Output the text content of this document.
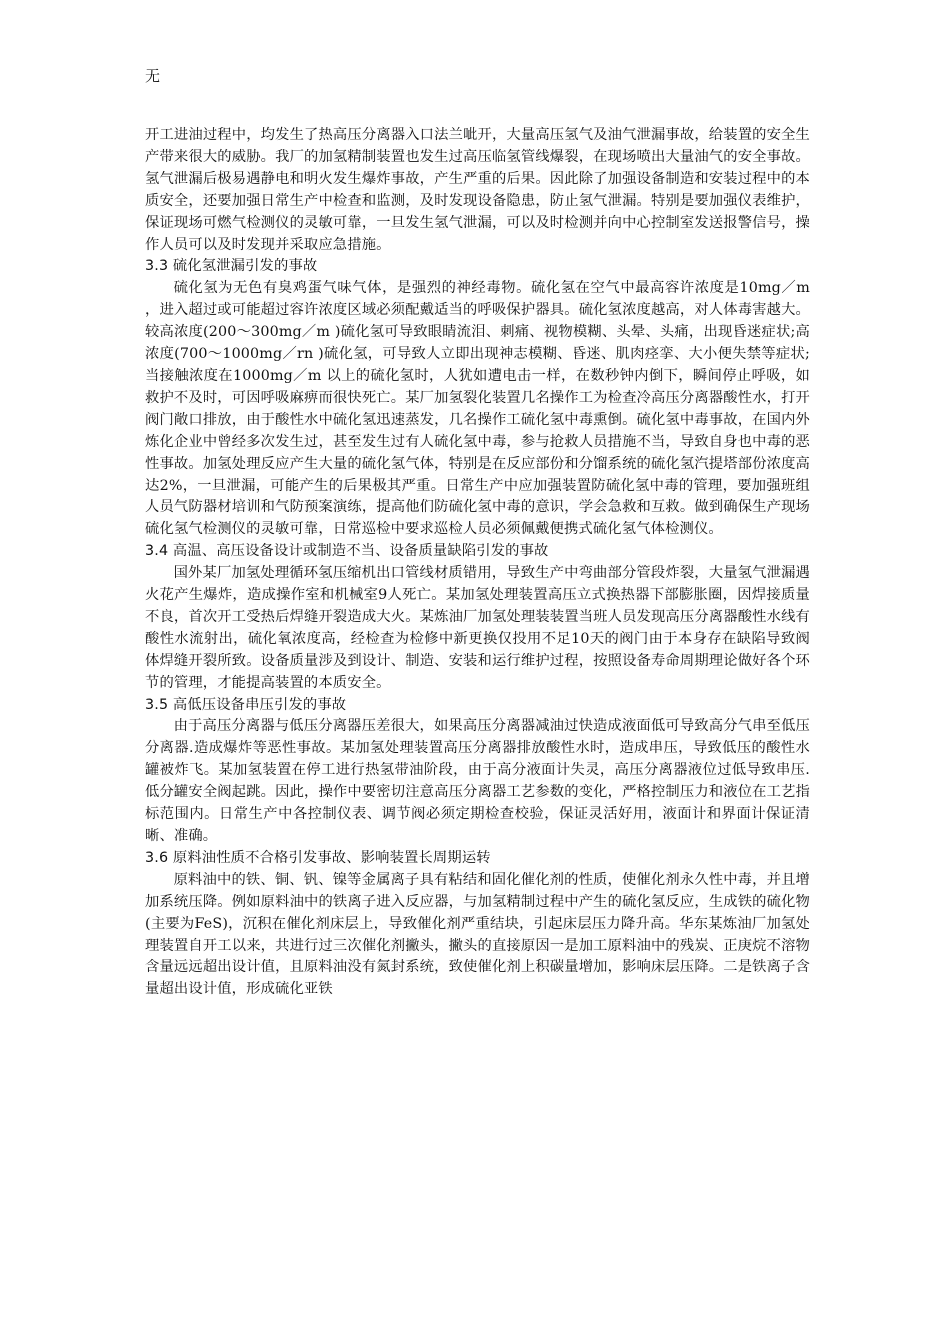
无

开工进油过程中，均发生了热高压分离器入口法兰呲开，大量高压氢气及油气泄漏事故，给装置的安全生产带来很大的威胁。我厂的加氢精制装置也发生过高压临氢管线爆裂，在现场喷出大量油气的安全事故。氢气泄漏后极易遇静电和明火发生爆炸事故，产生严重的后果。因此除了加强设备制造和安装过程中的本质安全，还要加强日常生产中检查和监测，及时发现设备隐患，防止氢气泄漏。特别是要加强仪表维护，保证现场可燃气检测仪的灵敏可靠，一旦发生氢气泄漏，可以及时检测并向中心控制室发送报警信号，操作人员可以及时发现并采取应急措施。

3.3 硫化氢泄漏引发的事故

硫化氢为无色有臭鸡蛋气味气体，是强烈的神经毒物。硫化氢在空气中最高容许浓度是10mg／m ，进入超过或可能超过容许浓度区域必须配戴适当的呼吸保护器具。硫化氢浓度越高，对人体毒害越大。较高浓度(200～300mg／m )硫化氢可导致眼睛流泪、刺痛、视物模糊、头晕、头痛，出现昏迷症状;高浓度(700～1000mg／rn )硫化氢，可导致人立即出现神志模糊、昏迷、肌肉痉挛、大小便失禁等症状;当接触浓度在1000mg／m 以上的硫化氢时，人犹如遭电击一样，在数秒钟内倒下，瞬间停止呼吸，如救护不及时，可因呼吸麻痹而很快死亡。某厂加氢裂化装置几名操作工为检查冷高压分离器酸性水，打开阀门敞口排放，由于酸性水中硫化氢迅速蒸发，几名操作工硫化氢中毒熏倒。硫化氢中毒事故，在国内外炼化企业中曾经多次发生过，甚至发生过有人硫化氢中毒，参与抢救人员措施不当，导致自身也中毒的恶性事故。加氢处理反应产生大量的硫化氢气体，特别是在反应部份和分馏系统的硫化氢汽提塔部份浓度高达2%，一旦泄漏，可能产生的后果极其严重。日常生产中应加强装置防硫化氢中毒的管理，要加强班组人员气防器材培训和气防预案演练，提高他们防硫化氢中毒的意识，学会急救和互救。做到确保生产现场硫化氢气检测仪的灵敏可靠，日常巡检中要求巡检人员必须佩戴便携式硫化氢气体检测仪。

3.4 高温、高压设备设计或制造不当、设备质量缺陷引发的事故

国外某厂加氢处理循环氢压缩机出口管线材质错用，导致生产中弯曲部分管段炸裂，大量氢气泄漏遇火花产生爆炸，造成操作室和机械室9人死亡。某加氢处理装置高压立式换热器下部膨胀圈，因焊接质量不良，首次开工受热后焊缝开裂造成大火。某炼油厂加氢处理装装置当班人员发现高压分离器酸性水线有酸性水流射出，硫化氧浓度高，经检查为检修中新更换仅投用不足10天的阀门由于本身存在缺陷导致阀体焊缝开裂所致。设备质量涉及到设计、制造、安装和运行维护过程，按照设备寿命周期理论做好各个环节的管理，才能提高装置的本质安全。

3.5 高低压设备串压引发的事故

由于高压分离器与低压分离器压差很大，如果高压分离器减油过快造成液面低可导致高分气串至低压分离器.造成爆炸等恶性事故。某加氢处理装置高压分离器排放酸性水时，造成串压，导致低压的酸性水罐被炸飞。某加氢装置在停工进行热氢带油阶段，由于高分液面计失灵，高压分离器液位过低导致串压.低分罐安全阀起跳。因此，操作中要密切注意高压分离器工艺参数的变化，严格控制压力和液位在工艺指标范围内。日常生产中各控制仪表、调节阀必须定期检查校验，保证灵活好用，液面计和界面计保证清晰、准确。

3.6 原料油性质不合格引发事故、影响装置长周期运转

原料油中的铁、铜、钒、镍等金属离子具有粘结和固化催化剂的性质，使催化剂永久性中毒，并且增加系统压降。例如原料油中的铁离子进入反应器，与加氢精制过程中产生的硫化氢反应，生成铁的硫化物(主要为FeS)，沉积在催化剂床层上，导致催化剂严重结块，引起床层压力降升高。华东某炼油厂加氢处理装置自开工以来，共进行过三次催化剂撇头，撇头的直接原因一是加工原料油中的残炭、正庚烷不溶物含量远远超出设计值，且原料油没有氮封系统，致使催化剂上积碳量增加，影响床层压降。二是铁离子含量超出设计值，形成硫化亚铁
